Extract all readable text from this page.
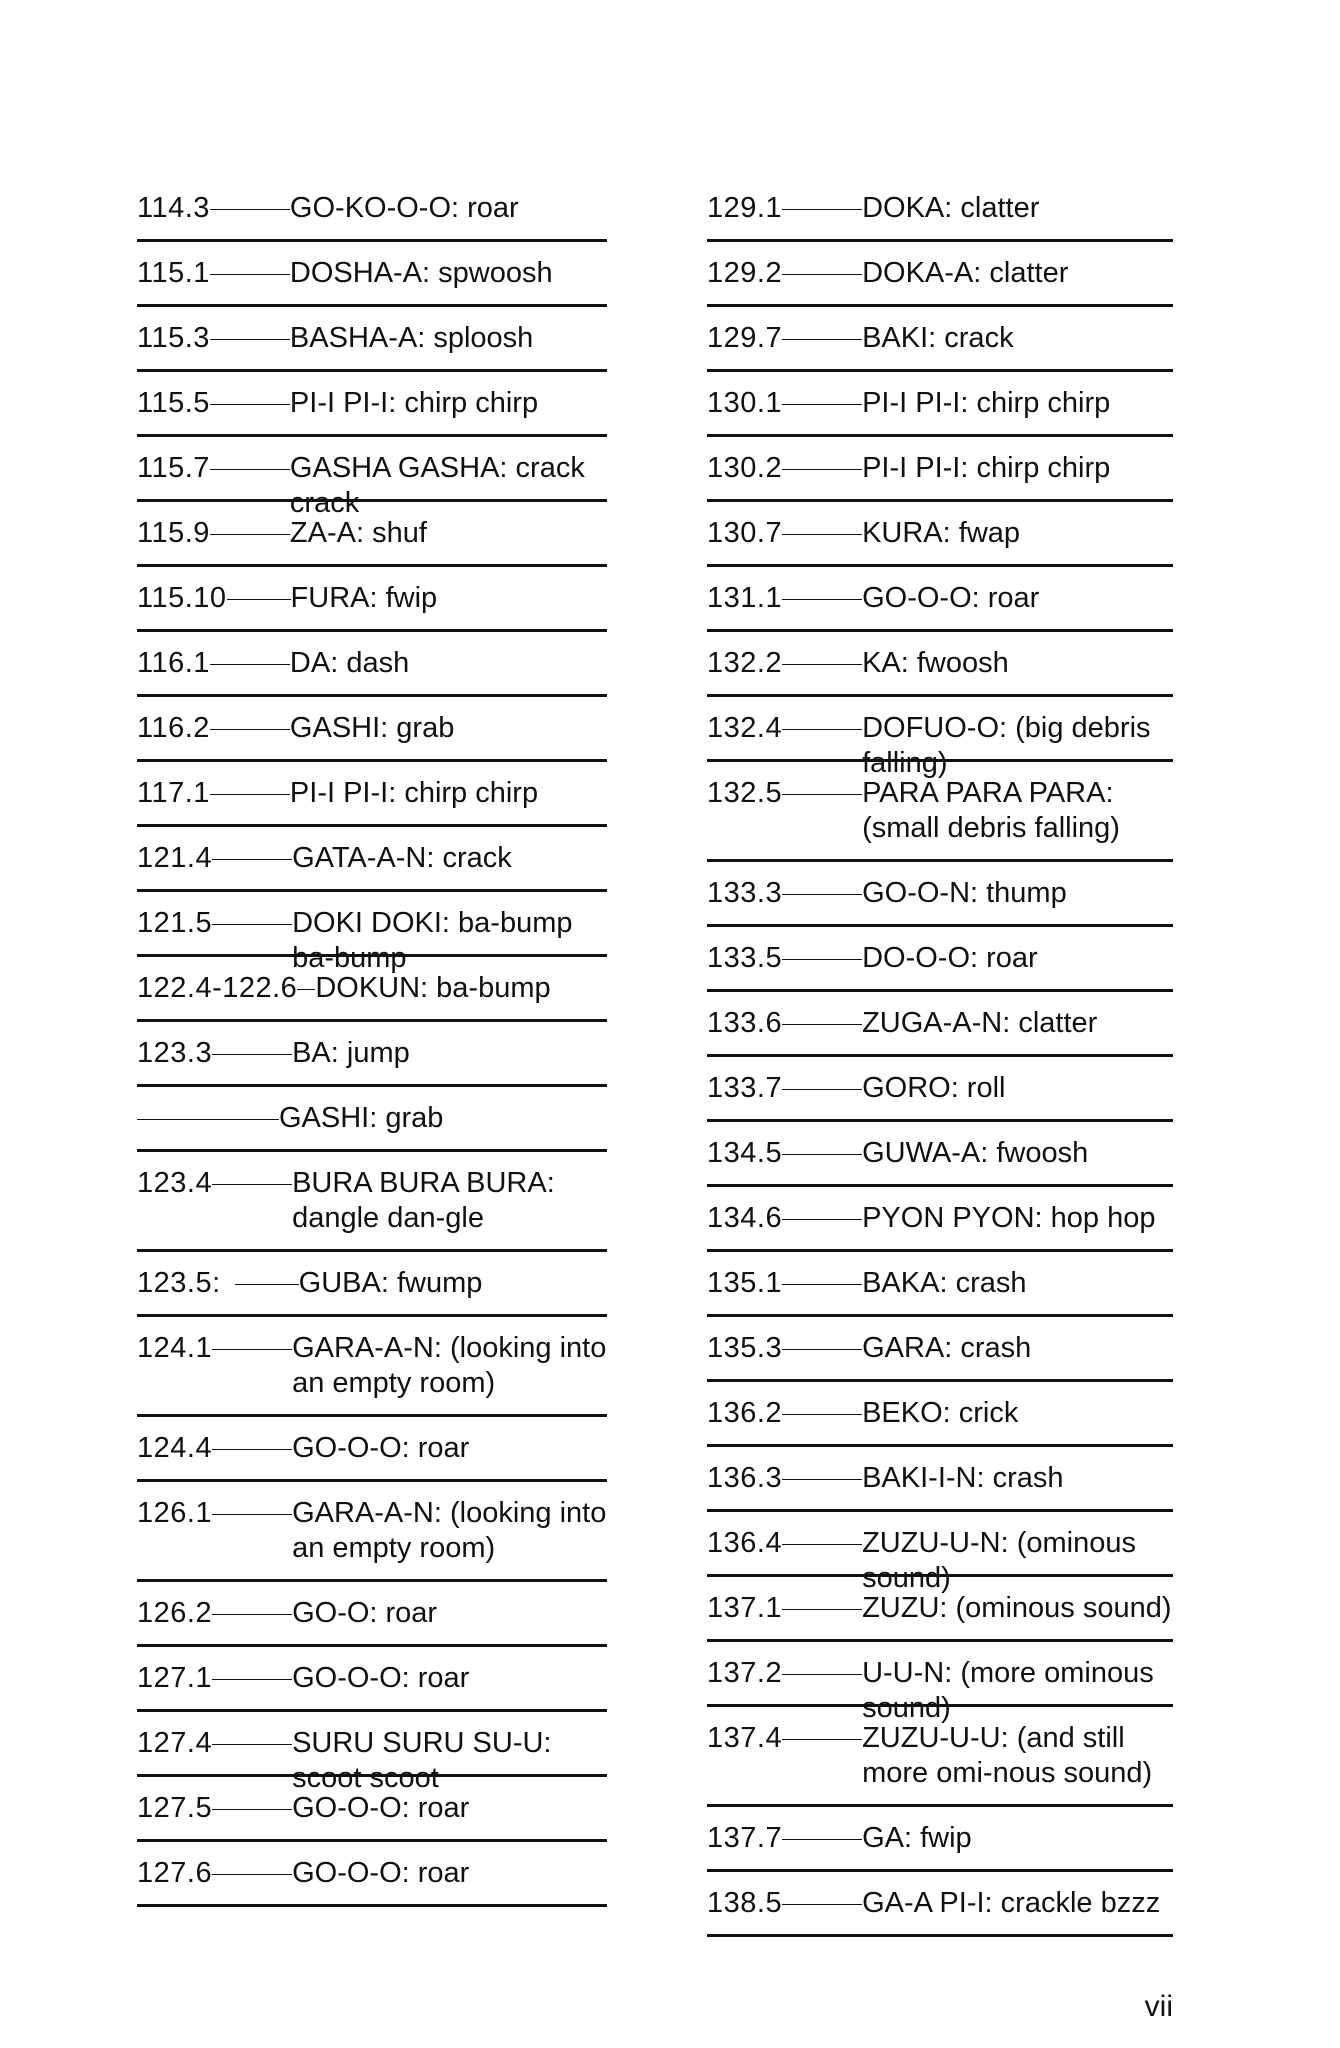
114.3	GO-KO-O-O: roar
115.1	DOSHA-A: spwoosh
115.3	BASHA-A: sploosh
115.5	PI-I PI-I: chirp chirp
115.7	GASHA GASHA: crack crack
115.9	ZA-A: shuf
115.10 FURA: fwip
116.1	DA: dash
116.2	GASHI: grab
117.1	PI-I PI-I: chirp chirp
121.4	GATA-A-N: crack
121.5	DOKI DOKI: ba-bump ba-bump
122.4-122.6 DOKUN: ba-bump
123.3	BA: jump
GASHI: grab
123.4	BURA BURA BURA: dangle dan-gle
123.5:	GUBA: fwump
124.1	GARA-A-N: (looking into an empty room)
124.4	GO-O-O: roar
126.1	GARA-A-N: (looking into an empty room)
126.2	GO-O: roar
127.1	GO-O-O: roar
127.4	SURU SURU SU-U: scoot scoot
127.5	GO-O-O: roar
127.6	GO-O-O: roar
129.1	DOKA: clatter
129.2	DOKA-A: clatter
129.7	BAKI: crack
130.1	PI-I PI-I: chirp chirp
130.2	PI-I PI-I: chirp chirp
130.7	KURA: fwap
131.1	GO-O-O: roar
132.2	KA: fwoosh
132.4	DOFUO-O: (big debris falling)
132.5	PARA PARA PARA: (small debris falling)
133.3	GO-O-N: thump
133.5	DO-O-O: roar
133.6	ZUGA-A-N: clatter
133.7	GORO: roll
134.5	GUWA-A: fwoosh
134.6	PYON PYON: hop hop
135.1	BAKA: crash
135.3	GARA: crash
136.2	BEKO: crick
136.3	BAKI-I-N: crash
136.4	ZUZU-U-N: (ominous sound)
137.1	ZUZU: (ominous sound)
137.2	U-U-N: (more ominous sound)
137.4	ZUZU-U-U: (and still more omi-nous sound)
137.7	GA: fwip
138.5	GA-A PI-I: crackle bzzz
vii
